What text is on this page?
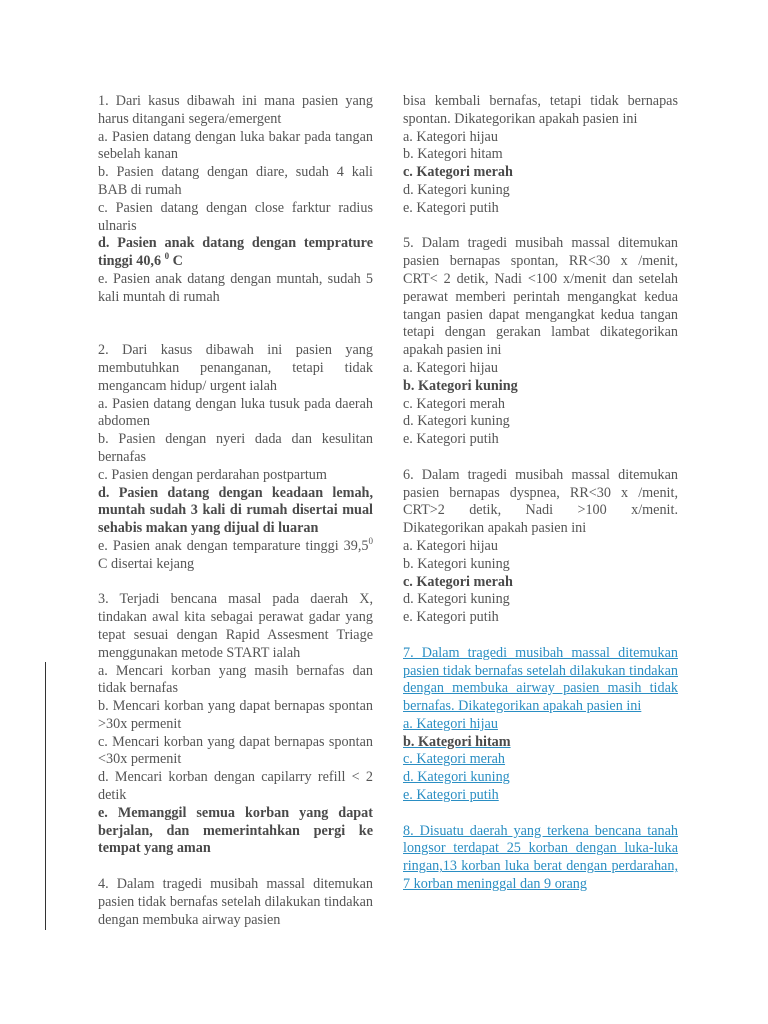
1. Dari kasus dibawah ini mana pasien yang harus ditangani segera/emergent

a. Pasien datang dengan luka bakar pada tangan sebelah kanan
b. Pasien datang dengan diare, sudah 4 kali BAB di rumah
c. Pasien datang dengan close farktur radius ulnaris
d. Pasien anak datang dengan temprature tinggi 40,6 $^0$ C
e. Pasien anak datang dengan muntah, sudah 5 kali muntah di rumah

2. Dari kasus dibawah ini pasien yang membutuhkan penanganan, tetapi tidak mengancam hidup/ urgent ialah

a. Pasien datang dengan luka tusuk pada daerah abdomen
b. Pasien dengan nyeri dada dan kesulitan bernafas
c. Pasien dengan perdarahan postpartum
d. Pasien datang dengan keadaan lemah, muntah sudah 3 kali di rumah disertai mual sehabis makan yang dijual di luaran
e. Pasien anak dengan temparature tinggi 39,5$^0$ C disertai kejang

3. Terjadi bencana masal pada daerah X, tindakan awal kita sebagai perawat gadar yang tepat sesuai dengan Rapid Assesment Triage menggunakan metode START ialah

a. Mencari korban yang masih bernafas dan tidak bernafas
b. Mencari korban yang dapat bernapas spontan >30x permenit
c. Mencari korban yang dapat bernapas spontan <30x permenit
d. Mencari korban dengan capilarry refill < 2 detik
e. Memanggil semua korban yang dapat berjalan, dan memerintahkan pergi ke tempat yang aman

4. Dalam tragedi musibah massal ditemukan pasien tidak bernafas setelah dilakukan tindakan dengan membuka airway pasien

bisa kembali bernafas, tetapi tidak bernapas spontan. Dikategorikan apakah pasien ini

a. Kategori hijau
b. Kategori hitam
c. Kategori merah
d. Kategori kuning
e. Kategori putih

5. Dalam tragedi musibah massal ditemukan pasien bernapas spontan, RR<30 x /menit, CRT< 2 detik, Nadi <100 x/menit dan setelah perawat memberi perintah mengangkat kedua tangan pasien dapat mengangkat kedua tangan tetapi dengan gerakan lambat dikategorikan apakah pasien ini

a. Kategori hijau
b. Kategori kuning
c. Kategori merah
d. Kategori kuning
e. Kategori putih

6. Dalam tragedi musibah massal ditemukan pasien bernapas dyspnea, RR<30 x /menit, CRT>2 detik, Nadi >100 x/menit. Dikategorikan apakah pasien ini

a. Kategori hijau
b. Kategori kuning
c. Kategori merah
d. Kategori kuning
e. Kategori putih

7. Dalam tragedi musibah massal ditemukan pasien tidak bernafas setelah dilakukan tindakan dengan membuka airway pasien masih tidak bernafas. Dikategorikan apakah pasien ini

a. Kategori hijau
b. Kategori hitam
c. Kategori merah
d. Kategori kuning
e. Kategori putih

8. Disuatu daerah yang terkena bencana tanah longsor terdapat 25 korban dengan luka-luka ringan,13 korban luka berat dengan perdarahan, 7 korban meninggal dan 9 orang
